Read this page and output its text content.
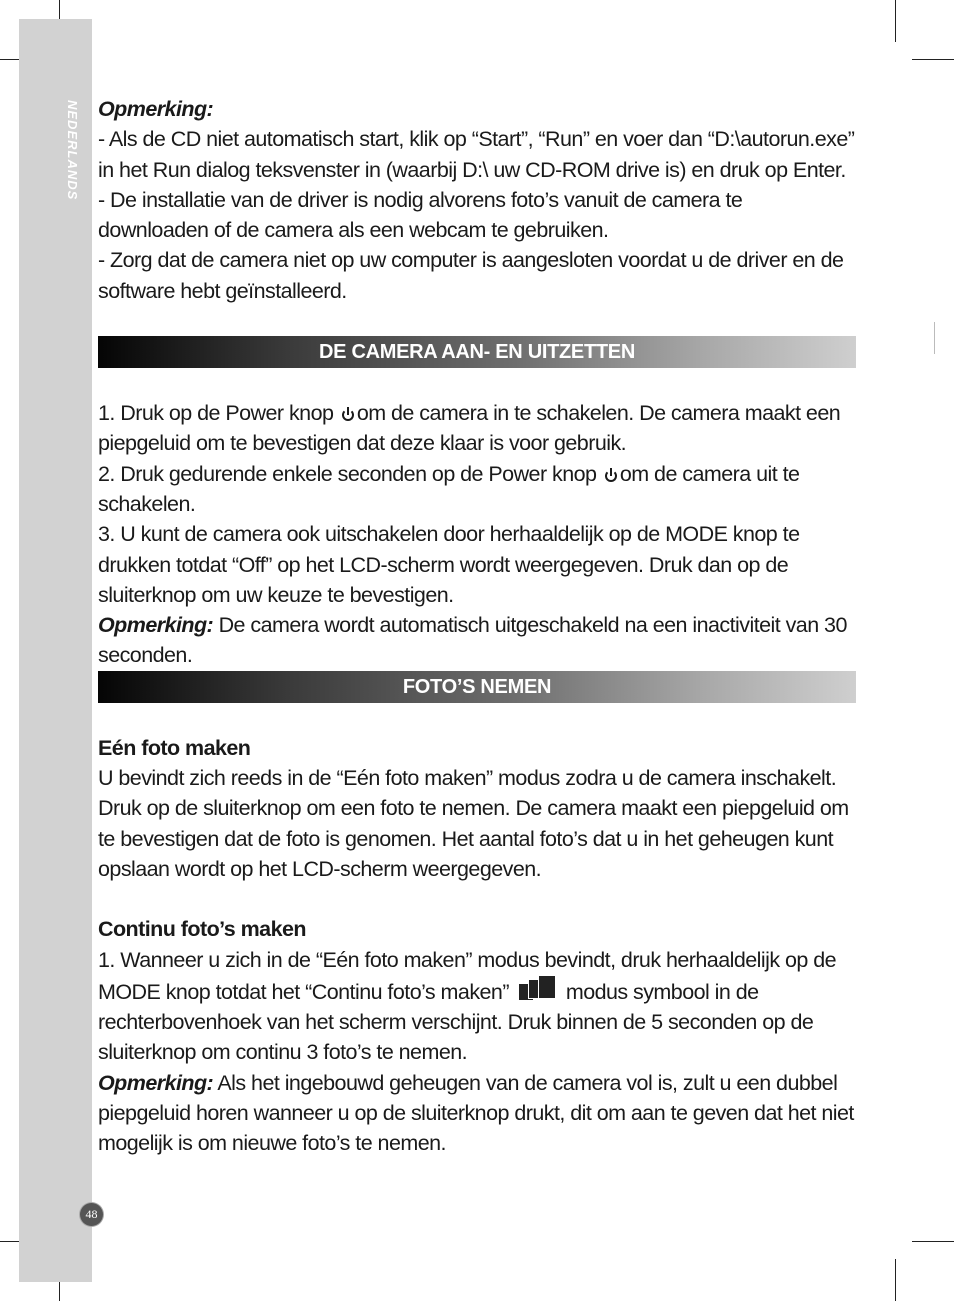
NEDERLANDS
48

Opmerking:

- Als de CD niet automatisch start, klik op “Start”, “Run” en voer dan “D:\autorun.exe” in het Run dialog teksvenster in (waarbij D:\ uw CD-ROM drive is) en druk op Enter.

- De installatie van de driver is nodig alvorens foto’s vanuit de camera te downloaden of de camera als een webcam te gebruiken.

- Zorg dat de camera niet op uw computer is aangesloten voordat u de driver en de software hebt geïnstalleerd.

DE CAMERA AAN- EN UITZETTEN

1. Druk op de Power knop om de camera in te schakelen. De camera maakt een piepgeluid om te bevestigen dat deze klaar is voor gebruik.

2. Druk gedurende enkele seconden op de Power knop om de camera uit te schakelen.

3. U kunt de camera ook uitschakelen door herhaaldelijk op de MODE knop te drukken totdat “Off” op het LCD-scherm wordt weergegeven. Druk dan op de sluiterknop om uw keuze te bevestigen.

Opmerking: De camera wordt automatisch uitgeschakeld na een inactiviteit van 30 seconden.

FOTO’S NEMEN

Eén foto maken

U bevindt zich reeds in de “Eén foto maken” modus zodra u de camera inschakelt. Druk op de sluiterknop om een foto te nemen. De camera maakt een piepgeluid om te bevestigen dat de foto is genomen. Het aantal foto’s dat u in het geheugen kunt opslaan wordt op het LCD-scherm weergegeven.

Continu foto’s maken

1. Wanneer u zich in de “Eén foto maken” modus bevindt, druk herhaaldelijk op de MODE knop totdat het “Continu foto’s maken”	modus symbool in de rechterbovenhoek van het scherm verschijnt. Druk binnen de 5 seconden op de sluiterknop om continu 3 foto’s te nemen.

Opmerking: Als het ingebouwd geheugen van de camera vol is, zult u een dubbel piepgeluid horen wanneer u op de sluiterknop drukt, dit om aan te geven dat het niet mogelijk is om nieuwe foto’s te nemen.
